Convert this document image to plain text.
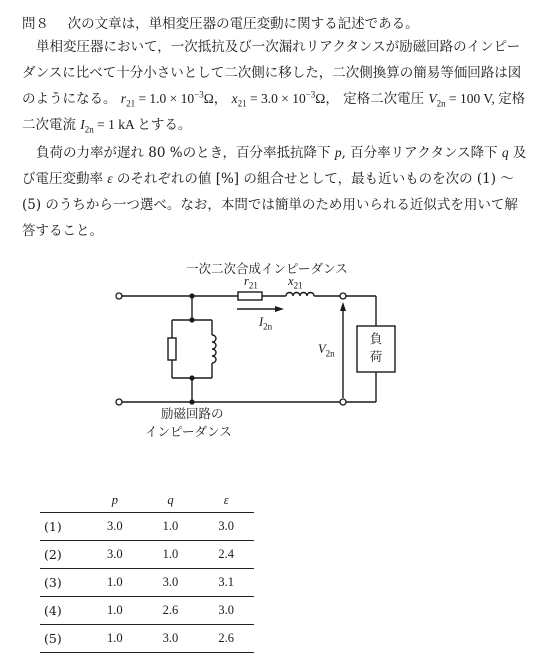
問８ 次の文章は，単相変圧器の電圧変動に関する記述である。
単相変圧器において，一次抵抗及び一次漏れリアクタンスが励磁回路のインピーダンスに比べて十分小さいとして二次側に移した，二次側換算の簡易等価回路は図のようになる。 $r_{21} = 1.0 \times 10^{-3}\Omega$， $x_{21} = 3.0 \times 10^{-3}\Omega$， 定格二次電圧 $V_{2n} = 100$ V, 定格二次電流 $I_{2n} = 1$ kA とする。
負荷の力率が遅れ 80 %のとき，百分率抵抗降下 p, 百分率リアクタンス降下 q 及び電圧変動率 ε のそれぞれの値 [%] の組合せとして，最も近いものを次の (1) ～ (5) のうちから一つ選べ。なお，本問では簡単のため用いられる近似式を用いて解答すること。
一次二次合成インピーダンス
$r_{21}$ $x_{21}$
$I_{2n}$
$V_{2n}$
負
荷
励磁回路の
インピーダンス
	p	q	ε
(1)	3.0	1.0	3.0
(2)	3.0	1.0	2.4
(3)	1.0	3.0	3.1
(4)	1.0	2.6	3.0
(5)	1.0	3.0	2.6
